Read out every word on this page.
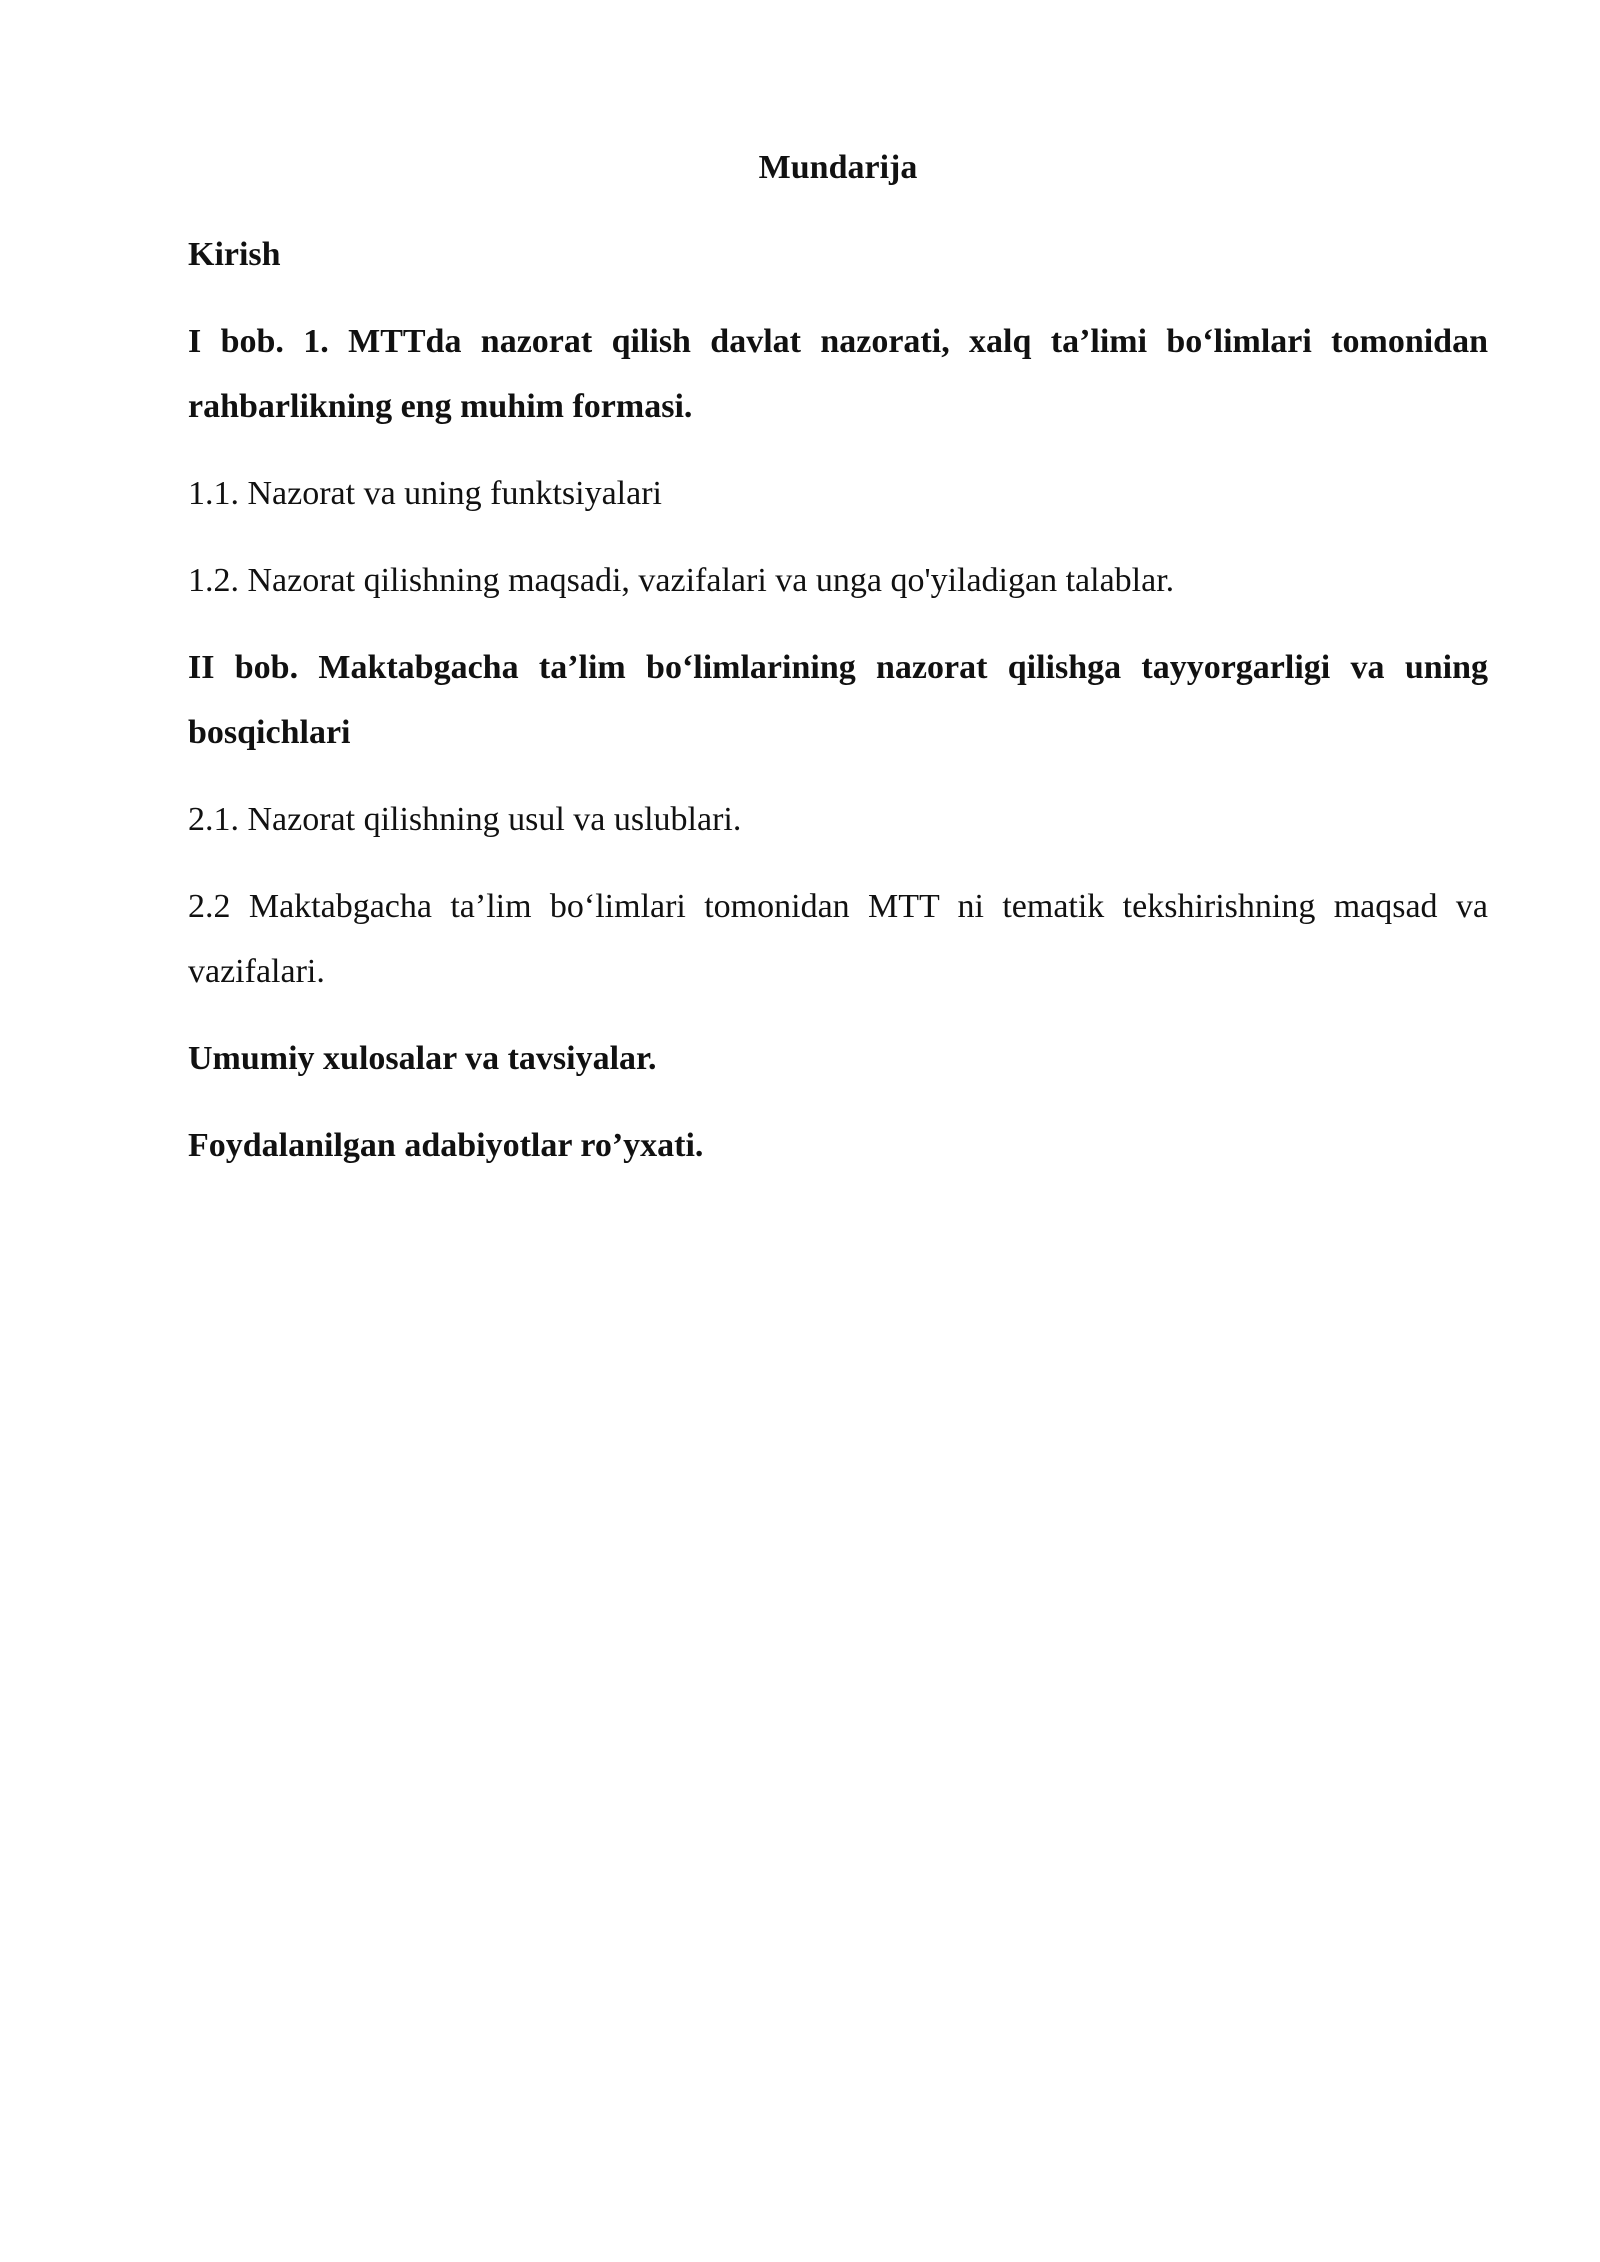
Mundarija
Kirish
I bob. 1. MTTda nazorat qilish davlat nazorati, xalq ta’limi bo‘limlari tomonidan rahbarlikning eng muhim formasi.
1.1. Nazorat va uning funktsiyalari
1.2. Nazorat qilishning maqsadi, vazifalari va unga qo'yiladigan talablar.
II bob. Maktabgacha ta’lim bo‘limlarining nazorat qilishga tayyorgarligi va uning bosqichlari
2.1. Nazorat qilishning usul va uslublari.
2.2 Maktabgacha ta’lim bo‘limlari tomonidan MTT ni tematik tekshirishning maqsad va vazifalari.
Umumiy xulosalar va tavsiyalar.
Foydalanilgan adabiyotlar ro’yxati.
